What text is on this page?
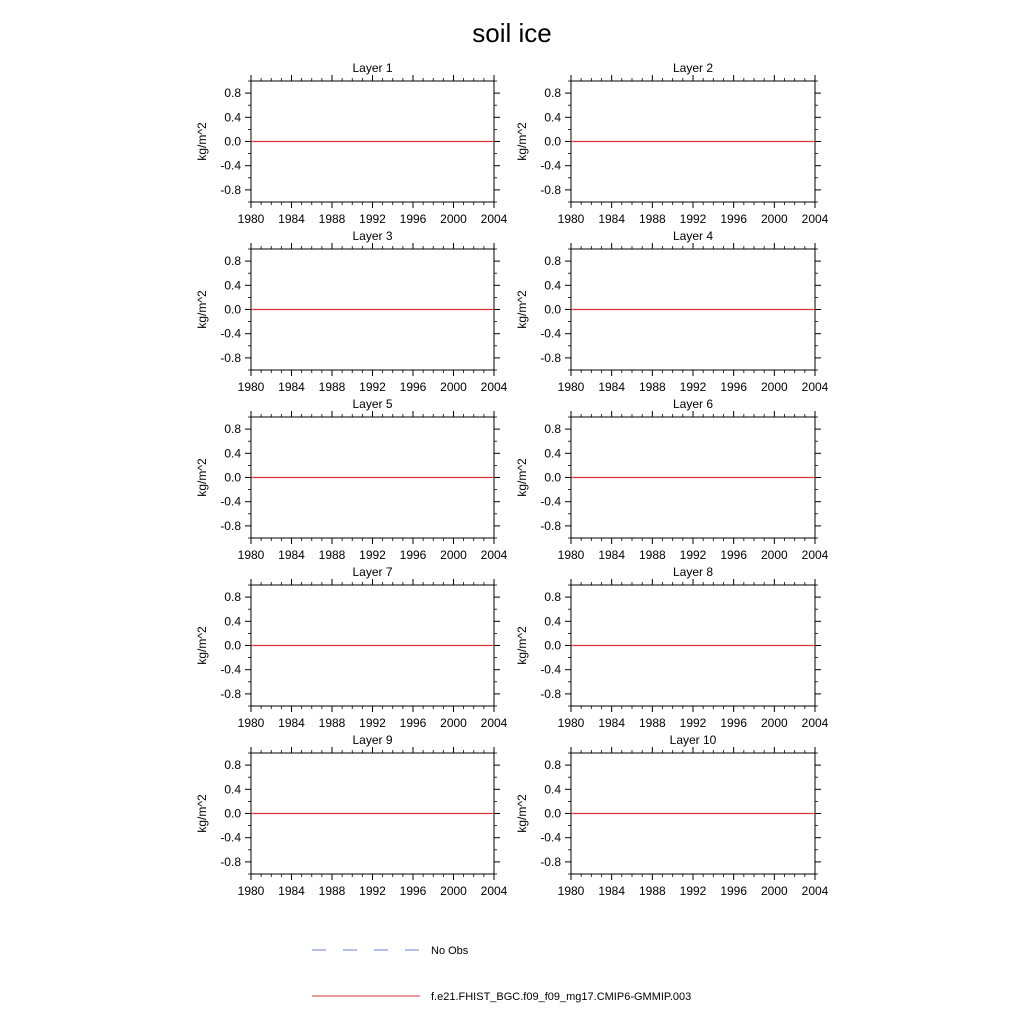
soil ice
Layer 1
1980 1984 1988 1992 1996 2000 2004
0.8
0.4
0.0
-0.4
-0.8
kg/m^2
Layer 2
1980 1984 1988 1992 1996 2000 2004
0.8
0.4
0.0
-0.4
-0.8
kg/m^2
Layer 3
1980 1984 1988 1992 1996 2000 2004
0.8
0.4
0.0
-0.4
-0.8
kg/m^2
Layer 4
1980 1984 1988 1992 1996 2000 2004
0.8
0.4
0.0
-0.4
-0.8
kg/m^2
Layer 5
1980 1984 1988 1992 1996 2000 2004
0.8
0.4
0.0
-0.4
-0.8
kg/m^2
Layer 6
1980 1984 1988 1992 1996 2000 2004
0.8
0.4
0.0
-0.4
-0.8
kg/m^2
Layer 7
1980 1984 1988 1992 1996 2000 2004
0.8
0.4
0.0
-0.4
-0.8
kg/m^2
Layer 8
1980 1984 1988 1992 1996 2000 2004
0.8
0.4
0.0
-0.4
-0.8
kg/m^2
Layer 9
1980 1984 1988 1992 1996 2000 2004
0.8
0.4
0.0
-0.4
-0.8
kg/m^2
Layer 10
1980 1984 1988 1992 1996 2000 2004
0.8
0.4
0.0
-0.4
-0.8
kg/m^2
No Obs
f.e21.FHIST_BGC.f09_f09_mg17.CMIP6-GMMIP.003
